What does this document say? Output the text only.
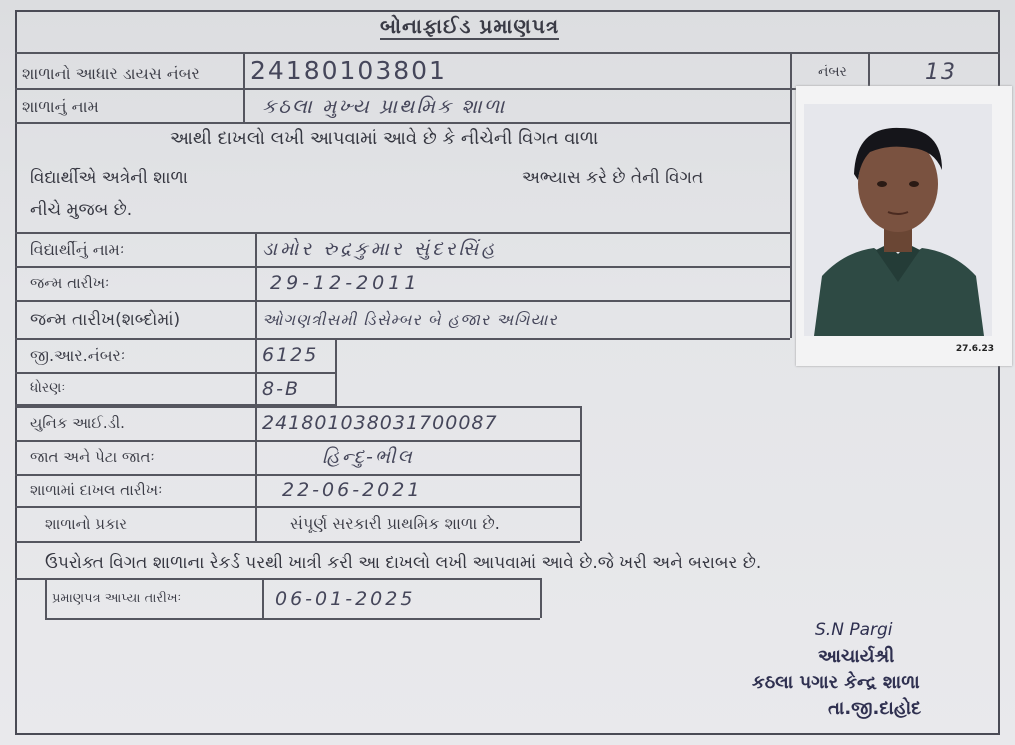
બોનાફાઈડ પ્રમાણપત્ર
શાળાનો આધાર ડાયસ નંબર 24180103801	નંબર	13
શાળાનું નામ	કઠલા મુખ્ય પ્રાથમિક શાળા
આથી દાખલો લખી આપવામાં આવે છે કે નીચેની વિગત વાળા
વિદ્યાર્થીએ અત્રેની શાળા	અભ્યાસ કરે છે તેની વિગત
નીચે મુજબ છે.
વિદ્યાર્થીનું નામઃ	ડામોર રુદ્રકુમાર સુંદરસિંહ
જન્મ તારીખઃ	29-12-2011
જન્મ તારીખ(શબ્દોમાં)	ઓગણત્રીસમી ડિસેમ્બર બે હજાર અગિયાર
જી.આર.નંબરઃ	6125
ધોરણઃ	8-B
યુનિક આઈ.ડી.	241801038031700087
જાત અને પેટા જાતઃ	હિન્દુ-ભીલ
શાળામાં દાખલ તારીખઃ	22-06-2021
શાળાનો પ્રકાર	સંપૂર્ણ સરકારી પ્રાથમિક શાળા છે.
ઉપરોક્ત વિગત શાળાના રેકર્ડ પરથી ખાત્રી કરી આ દાખલો લખી આપવામાં આવે છે.જે ખરી અને બરાબર છે.
પ્રમાણપત્ર આપ્યા તારીખઃ	06-01-2025
27.6.23
S.N Pargi
આચાર્યશ્રી
કઠલા પગાર કેન્દ્ર શાળા
તા.જી.દાહોદ
